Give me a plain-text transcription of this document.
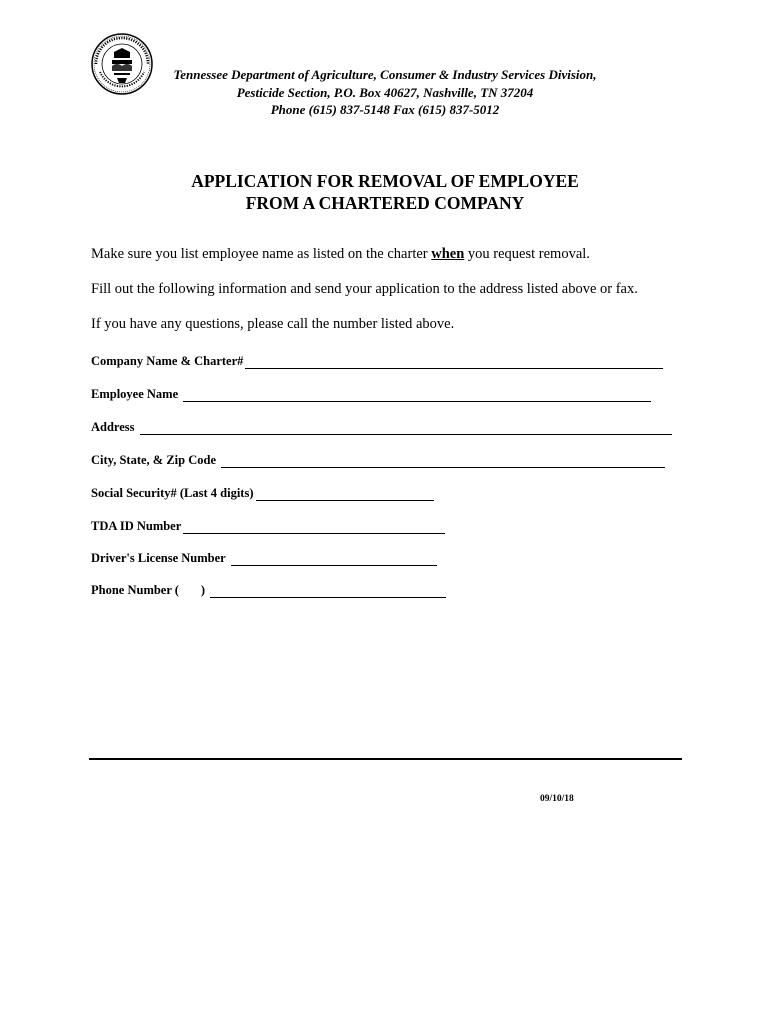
Tennessee Department of Agriculture, Consumer & Industry Services Division,
Pesticide Section, P.O. Box 40627, Nashville, TN 37204
Phone (615) 837-5148 Fax (615) 837-5012
APPLICATION FOR REMOVAL OF EMPLOYEE
FROM A CHARTERED COMPANY
Make sure you list employee name as listed on the charter when you request removal.
Fill out the following information and send your application to the address listed above or fax.
If you have any questions, please call the number listed above.
Company Name & Charter#
Employee Name
Address
City, State, & Zip Code
Social Security# (Last 4 digits)
TDA ID Number
Driver's License Number
Phone Number (       )
09/10/18
